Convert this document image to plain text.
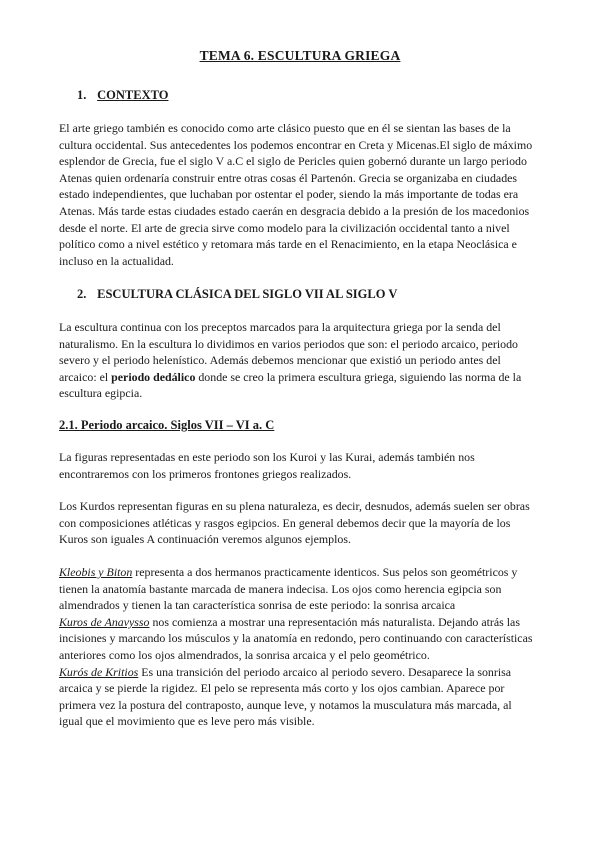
TEMA 6. ESCULTURA GRIEGA
1. CONTEXTO
El arte griego también es conocido como arte clásico puesto que en él se sientan las bases de la
cultura occidental. Sus antecedentes los podemos encontrar en Creta y Micenas.El siglo de máximo
esplendor de Grecia, fue el siglo V a.C el siglo de Pericles quien gobernó durante un largo periodo
Atenas quien ordenaría construir entre otras cosas él Partenón. Grecia se organizaba en ciudades
estado independientes, que luchaban por ostentar el poder, siendo la más importante de todas era
Atenas. Más tarde estas ciudades estado caerán en desgracia debido a la presión de los macedonios
desde el norte. El arte de grecia sirve como modelo para la civilización occidental tanto a nivel
político como a nivel estético y retomara más tarde en el Renacimiento, en la etapa Neoclásica e
incluso en la actualidad.
2. ESCULTURA CLÁSICA DEL SIGLO VII AL SIGLO V
La escultura continua con los preceptos marcados para la arquitectura griega por la senda del
naturalismo. En la escultura lo dividimos en varios periodos que son: el periodo arcaico, periodo
severo y el periodo helenístico. Además debemos mencionar que existió un periodo antes del
arcaico: el periodo dedálico donde se creo la primera escultura griega, siguiendo las norma de la
escultura egipcia.
2.1. Periodo arcaico. Siglos VII – VI a. C
La figuras representadas en este periodo son los Kuroi y las Kurai, además también nos
encontraremos con los primeros frontones griegos realizados.
Los Kurdos representan figuras en su plena naturaleza, es decir, desnudos, además suelen ser obras
con composiciones atléticas y rasgos egipcios. En general debemos decir que la mayoría de los
Kuros son iguales A continuación veremos algunos ejemplos.
Kleobis y Biton representa a dos hermanos practicamente identicos. Sus pelos son geométricos y
tienen la anatomía bastante marcada de manera indecisa. Los ojos como herencia egipcia son
almendrados y tienen la tan característica sonrisa de este periodo: la sonrisa arcaica
Kuros de Anavysso nos comienza a mostrar una representación más naturalista. Dejando atrás las
incisiones y marcando los músculos y la anatomía en redondo, pero continuando con características
anteriores como los ojos almendrados, la sonrisa arcaica y el pelo geométrico.
Kurós de Kritios Es una transición del periodo arcaico al periodo severo. Desaparece la sonrisa
arcaica y se pierde la rigidez. El pelo se representa más corto y los ojos cambian. Aparece por
primera vez la postura del contraposto, aunque leve, y notamos la musculatura más marcada, al
igual que el movimiento que es leve pero más visible.
